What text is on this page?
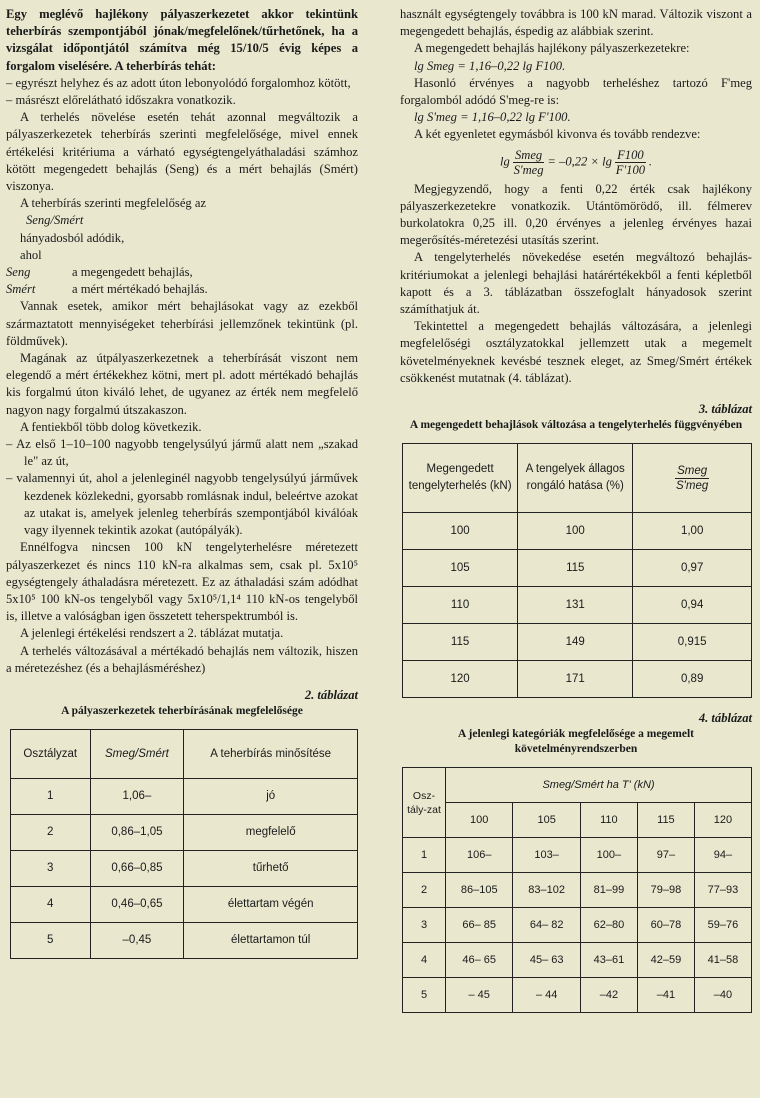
Egy meglévő hajlékony pályaszerkezetet akkor tekintünk teherbírás szempontjából jónak/megfelelőnek/tűrhetőnek, ha a vizsgálat időpontjától számítva még 15/10/5 évig képes a forgalom viselésére. A teherbírás tehát:

– egyrészt helyhez és az adott úton lebonyolódó forgalomhoz kötött,

– másrészt előrelátható időszakra vonatkozik.

A terhelés növelése esetén tehát azonnal megváltozik a pályaszerkezetek teherbírás szerinti megfelelősége, mivel ennek értékelési kritériuma a várható egységtengelyáthaladási számhoz kötött megengedett behajlás (Seng) és a mért behajlás (Smért) viszonya.

A teherbírás szerinti megfelelőség az

Seng/Smért

hányadosból adódik,

ahol

Seng	a megengedett behajlás,
Smért	a mért mértékadó behajlás.

Vannak esetek, amikor mért behajlásokat vagy az ezekből származtatott mennyiségeket teherbírási jellemzőnek tekintünk (pl. földművek).

Magának az útpályaszerkezetnek a teherbírását viszont nem elegendő a mért értékekhez kötni, mert pl. adott mértékadó behajlás kis forgalmú úton kiváló lehet, de ugyanez az érték nem megfelelő nagyon nagy forgalmú útszakaszon.

A fentiekből több dolog következik.

– Az első 1–10–100 nagyobb tengelysúlyú jármű alatt nem „szakad le" az út,

– valamennyi út, ahol a jelenleginél nagyobb tengelysúlyú járművek kezdenek közlekedni, gyorsabb romlásnak indul, beleértve azokat az utakat is, amelyek jelenleg teherbírás szempontjából kiválóak vagy ilyennek tekintik azokat (autópályák).

Ennélfogva nincsen 100 kN tengelyterhelésre méretezett pályaszerkezet és nincs 110 kN-ra alkalmas sem, csak pl. 5x10⁵ egységtengely áthaladásra méretezett. Ez az áthaladási szám adódhat 5x10⁵ 100 kN-os tengelyből vagy 5x10⁵/1,1⁴ 110 kN-os tengelyből is, illetve a valóságban igen összetett teherspektrumból is.

A jelenlegi értékelési rendszert a 2. táblázat mutatja.

A terhelés változásával a mértékadó behajlás nem változik, hiszen a méretezéshez (és a behajlásméréshez)

2. táblázat
A pályaszerkezetek teherbírásának megfelelősége
Osztályzat	Smeg/Smért	A teherbírás minősítése
1	1,06–	jó
2	0,86–1,05	megfelelő
3	0,66–0,85	tűrhető
4	0,46–0,65	élettartam végén
5	–0,45	élettartamon túl

használt egységtengely továbbra is 100 kN marad. Változik viszont a megengedett behajlás, éspedig az alábbiak szerint.

A megengedett behajlás hajlékony pályaszerkezetekre:

lg Smeg = 1,16–0,22 lg F100.

Hasonló érvényes a nagyobb terheléshez tartozó F'meg forgalomból adódó S'meg-re is:

lg S'meg = 1,16–0,22 lg F'100.

A két egyenletet egymásból kivonva és tovább rendezve:

$\lg \frac{\text{Smeg}}{\text{S'meg}} = -0,22 \times \lg \frac{F100}{F'100}$ .

Megjegyzendő, hogy a fenti 0,22 érték csak hajlékony pályaszerkezetekre vonatkozik. Utántömörödő, ill. félmerev burkolatokra 0,25 ill. 0,20 érvényes a jelenleg érvényes hazai megerősítés-méretezési utasítás szerint.

A tengelyterhelés növekedése esetén megváltozó behajlás-kritériumokat a jelenlegi behajlási határértékekből a fenti képletből kapott és a 3. táblázatban összefoglalt hányadosok szerint számíthatjuk át.

Tekintettel a megengedett behajlás változására, a jelenlegi megfelelőségi osztályzatokkal jellemzett utak a megemelt követelményeknek kevésbé tesznek eleget, az Smeg/Smért értékek csökkenést mutatnak (4. táblázat).

3. táblázat
A megengedett behajlások változása a tengelyterhelés függvényében
Megengedett tengelyterhelés (kN)	A tengelyek állagos rongáló hatása (%)	$\frac{\text{Smeg}}{\text{S'meg}}$

100	100	1,00
105	115	0,97
110	131	0,94
115	149	0,915
120	171	0,89
4. táblázat
A jelenlegi kategóriák megfelelősége a megemelt követelményrendszerben
Osz-tály-zat	Smeg/Smért ha T' (kN)				
	100	105	110	115	120
1	106–	103–	100–	97–	94–
2	86–105	83–102	81–99	79–98	77–93
3	66– 85	64– 82	62–80	60–78	59–76
4	46– 65	45– 63	43–61	42–59	41–58
5	– 45	– 44	–42	–41	–40
